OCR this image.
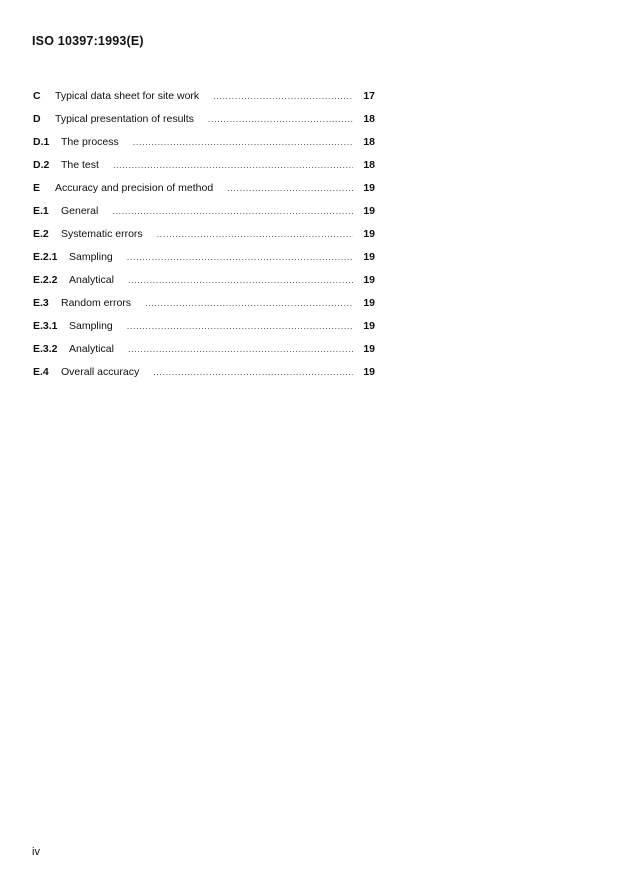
ISO 10397:1993(E)
C	Typical data sheet for site work .....	17
D	Typical presentation of results .....	18
D.1	The process .....	18
D.2	The test .....	18
E	Accuracy and precision of method .....	19
E.1	General .....	19
E.2	Systematic errors .....	19
E.2.1	Sampling .....	19
E.2.2	Analytical .....	19
E.3	Random errors .....	19
E.3.1	Sampling .....	19
E.3.2	Analytical .....	19
E.4	Overall accuracy .....	19
iv
